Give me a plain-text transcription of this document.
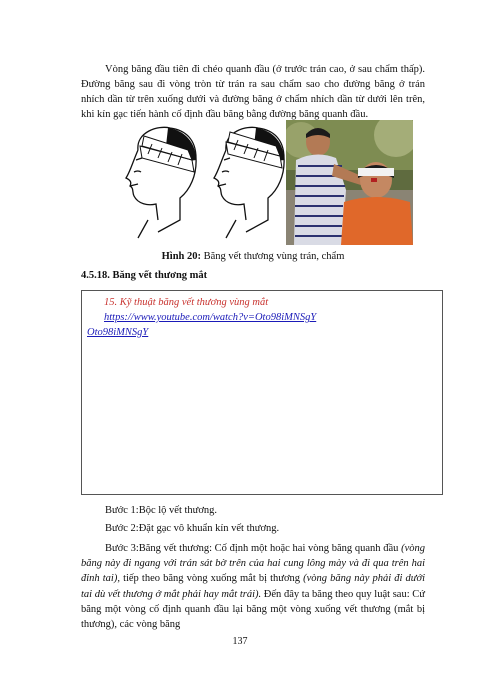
Vòng băng đầu tiên đi chéo quanh đầu (ở trước trán cao, ở sau chẩm thấp). Đường băng sau đi vòng tròn từ trán ra sau chẩm sao cho đường băng ở trán nhích dần từ trên xuống dưới và đường băng ở chẩm nhích dần từ dưới lên trên, khi kín gạc tiến hành cố định đầu băng bằng đường băng quanh đầu.

Hình 20: Băng vết thương vùng trán, chẩm

4.5.18. Băng vết thương mắt

15. Kỹ thuật băng vết thương vùng mắt
https://www.youtube.com/watch?v=Oto98iMNSgY
Oto98iMNSgY

Bước 1:Bộc lộ vết thương.

Bước 2:Đặt gạc vô khuẩn kín vết thương.

Bước 3:Băng vết thương: Cố định một hoặc hai vòng băng quanh đầu (vòng băng này đi ngang với trán sát bờ trên của hai cung lông mày và đi qua trên hai đỉnh tai), tiếp theo băng vòng xuống mắt bị thương (vòng băng này phải đi dưới tai dù vết thương ở mắt phải hay mắt trái). Đến đây ta băng theo quy luật sau: Cứ băng một vòng cố định quanh đầu lại băng một vòng xuống vết thương (mắt bị thương), các vòng băng

137
